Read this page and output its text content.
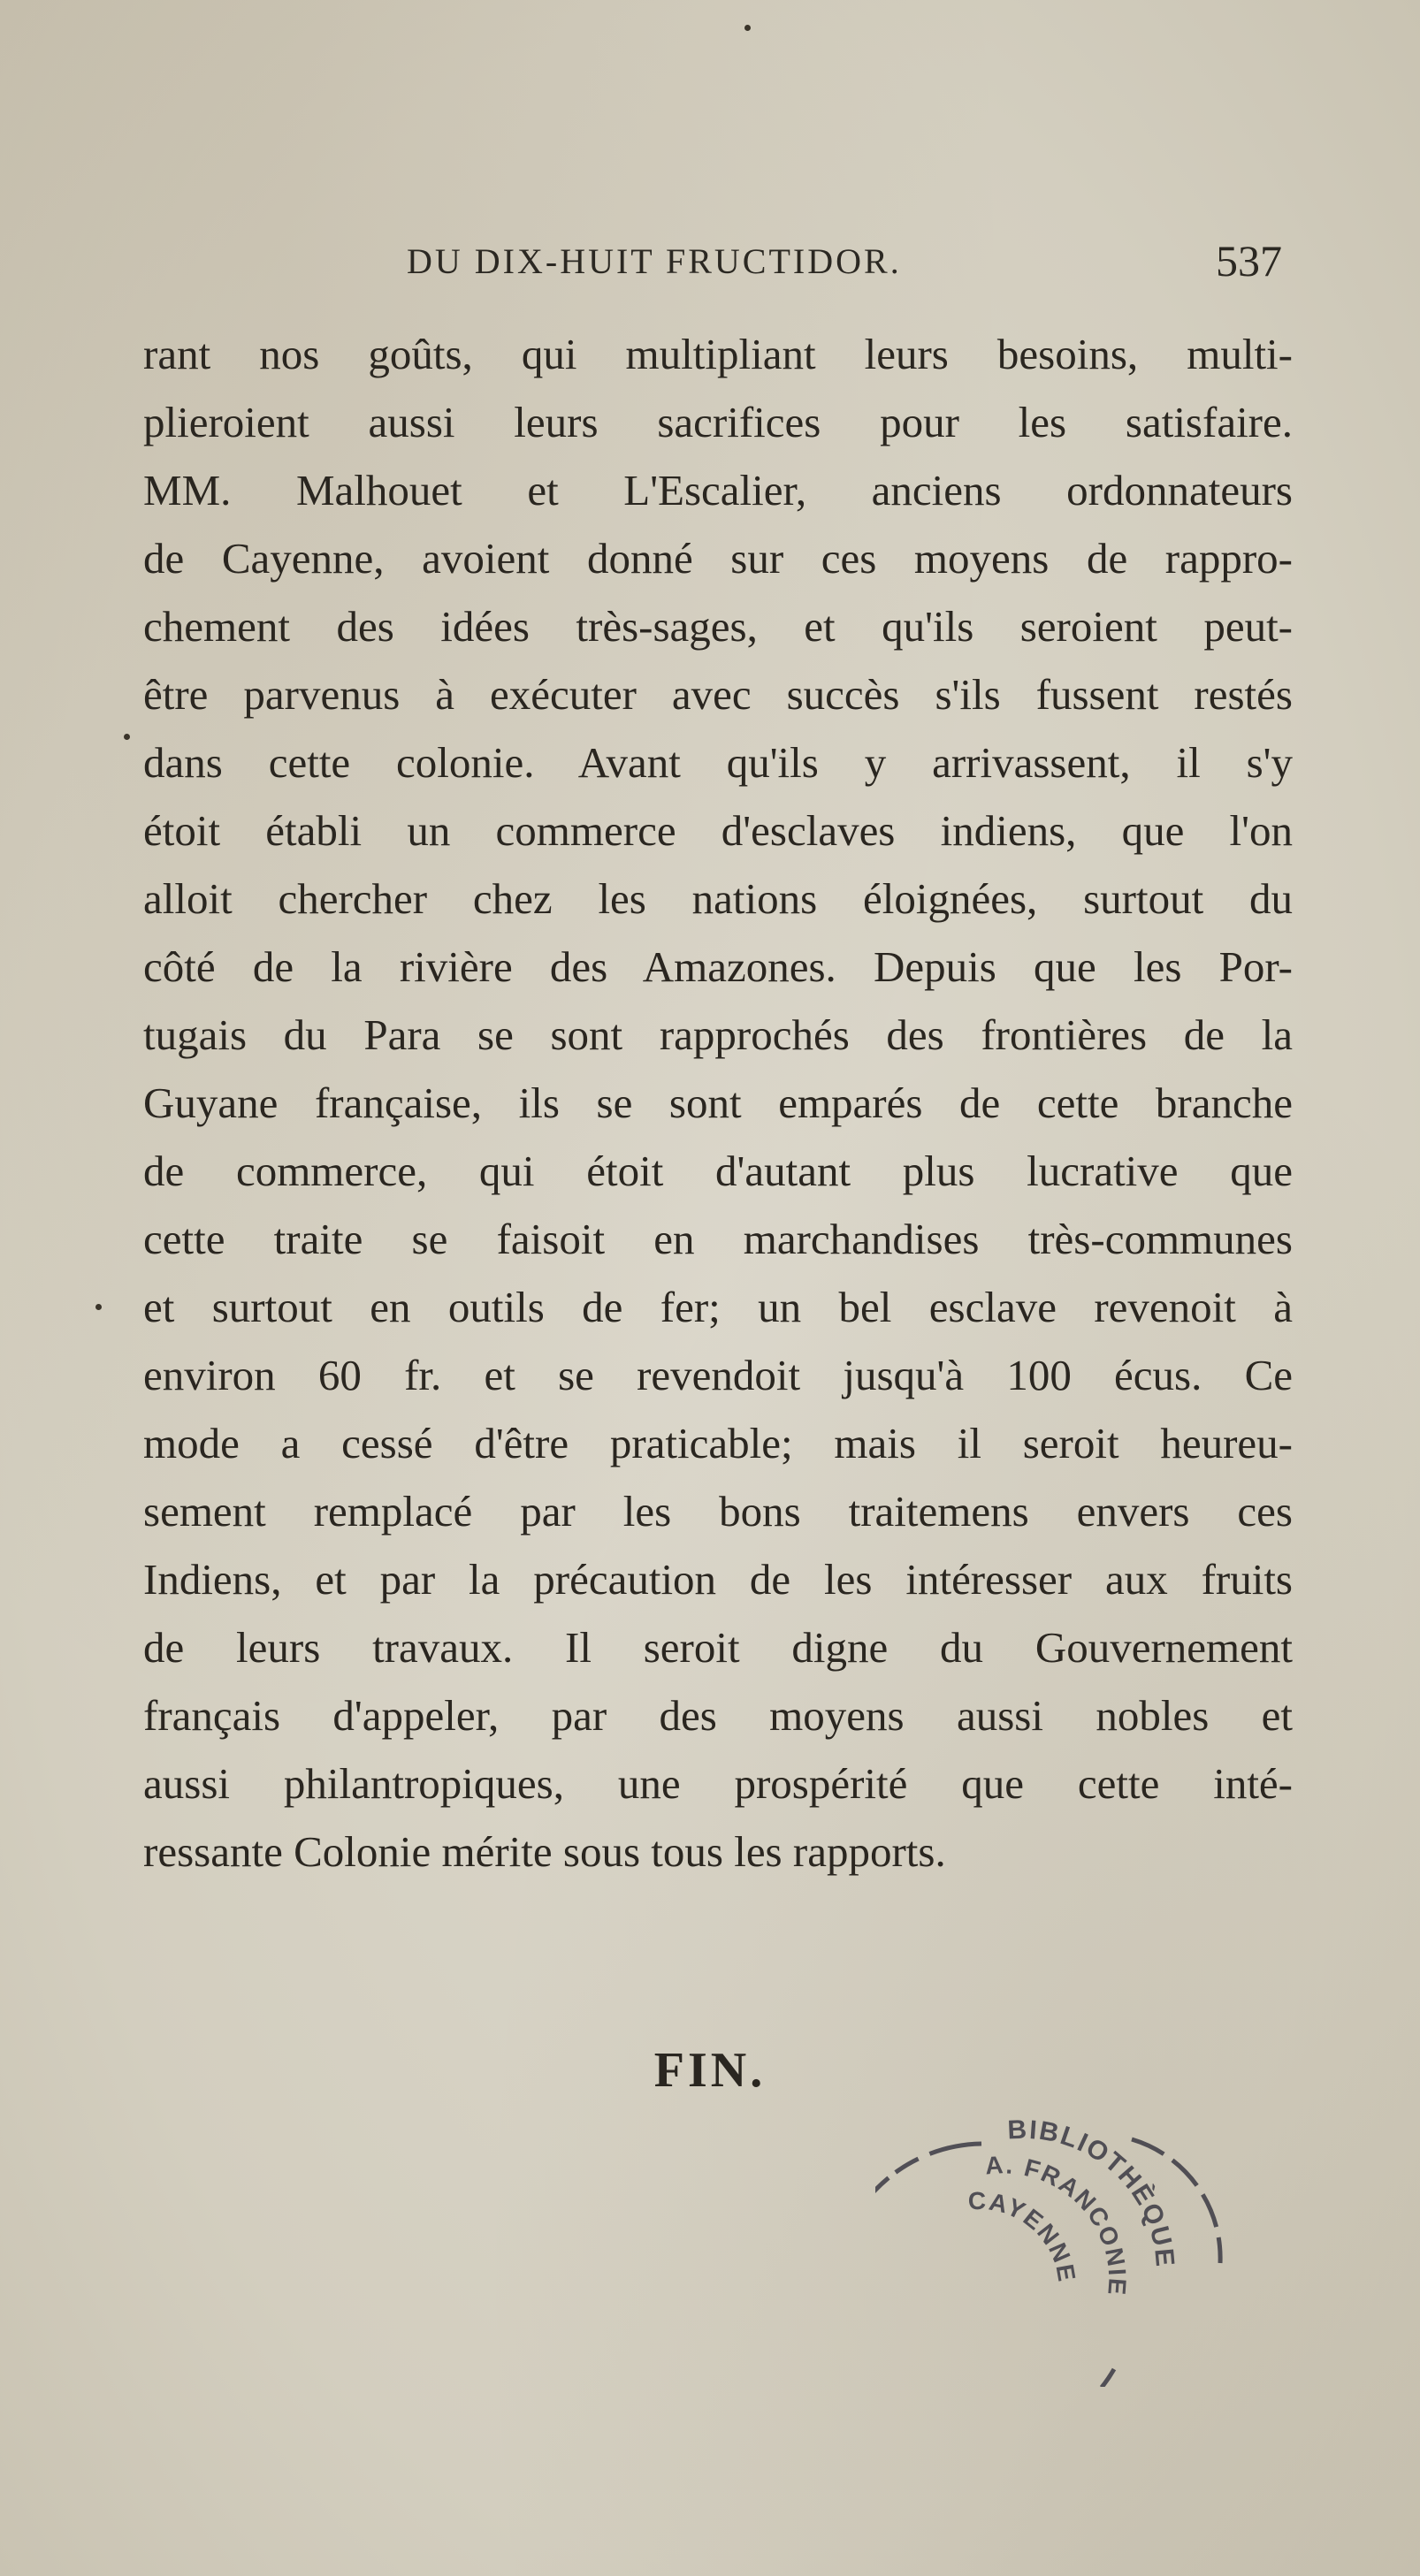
DU DIX-HUIT FRUCTIDOR.	537
rant nos goûts, qui multipliant leurs besoins, multi-
plieroient aussi leurs sacrifices pour les satisfaire.
MM. Malhouet et L'Escalier, anciens ordonnateurs
de Cayenne, avoient donné sur ces moyens de rappro-
chement des idées très-sages, et qu'ils seroient peut-
être parvenus à exécuter avec succès s'ils fussent restés
dans cette colonie. Avant qu'ils y arrivassent, il s'y
étoit établi un commerce d'esclaves indiens, que l'on
alloit chercher chez les nations éloignées, surtout du
côté de la rivière des Amazones. Depuis que les Por-
tugais du Para se sont rapprochés des frontières de la
Guyane française, ils se sont emparés de cette branche
de commerce, qui étoit d'autant plus lucrative que
cette traite se faisoit en marchandises très-communes
et surtout en outils de fer; un bel esclave revenoit à
environ 60 fr. et se revendoit jusqu'à 100 écus. Ce
mode a cessé d'être praticable; mais il seroit heureu-
sement remplacé par les bons traitemens envers ces
Indiens, et par la précaution de les intéresser aux fruits
de leurs travaux. Il seroit digne du Gouvernement
français d'appeler, par des moyens aussi nobles et
aussi philantropiques, une prospérité que cette inté-
ressante Colonie mérite sous tous les rapports.
FIN.
BIBLIOTHÈQUE
A. FRANCONIE
CAYENNE
